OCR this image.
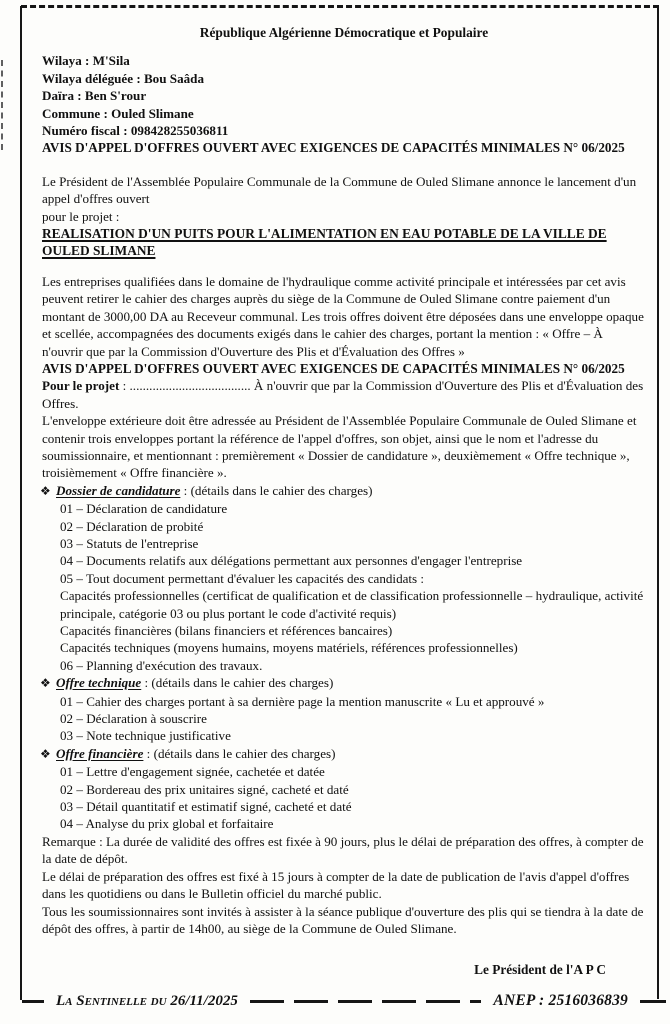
République Algérienne Démocratique et Populaire

Wilaya : M'Sila

Wilaya déléguée : Bou Saâda

Daïra : Ben S'rour

Commune : Ouled Slimane

Numéro fiscal : 098428255036811

AVIS D'APPEL D'OFFRES OUVERT AVEC EXIGENCES DE CAPACITÉS MINIMALES N° 06/2025

Le Président de l'Assemblée Populaire Communale de la Commune de Ouled Slimane annonce le lancement d'un appel d'offres ouvert

pour le projet :

REALISATION D'UN PUITS POUR L'ALIMENTATION EN EAU POTABLE DE LA VILLE DE OULED SLIMANE

Les entreprises qualifiées dans le domaine de l'hydraulique comme activité principale et intéressées par cet avis peuvent retirer le cahier des charges auprès du siège de la Commune de Ouled Slimane contre paiement d'un montant de 3000,00 DA au Receveur communal. Les trois offres doivent être déposées dans une enveloppe opaque et scellée, accompagnées des documents exigés dans le cahier des charges, portant la mention : « Offre – À n'ouvrir que par la Commission d'Ouverture des Plis et d'Évaluation des Offres »

AVIS D'APPEL D'OFFRES OUVERT AVEC EXIGENCES DE CAPACITÉS MINIMALES N° 06/2025

Pour le projet : ..................................... À n'ouvrir que par la Commission d'Ouverture des Plis et d'Évaluation des Offres.

L'enveloppe extérieure doit être adressée au Président de l'Assemblée Populaire Communale de Ouled Slimane et contenir trois enveloppes portant la référence de l'appel d'offres, son objet, ainsi que le nom et l'adresse du soumissionnaire, et mentionnant : premièrement « Dossier de candidature », deuxièmement « Offre technique », troisièmement « Offre financière ».

❖ Dossier de candidature : (détails dans le cahier des charges)

01 – Déclaration de candidature

02 – Déclaration de probité

03 – Statuts de l'entreprise

04 – Documents relatifs aux délégations permettant aux personnes d'engager l'entreprise

05 – Tout document permettant d'évaluer les capacités des candidats :

Capacités professionnelles (certificat de qualification et de classification professionnelle – hydraulique, activité principale, catégorie 03 ou plus portant le code d'activité requis)

Capacités financières (bilans financiers et références bancaires)

Capacités techniques (moyens humains, moyens matériels, références professionnelles)

06 – Planning d'exécution des travaux.

❖ Offre technique : (détails dans le cahier des charges)

01 – Cahier des charges portant à sa dernière page la mention manuscrite « Lu et approuvé »

02 – Déclaration à souscrire

03 – Note technique justificative

❖ Offre financière : (détails dans le cahier des charges)

01 – Lettre d'engagement signée, cachetée et datée

02 – Bordereau des prix unitaires signé, cacheté et daté

03 – Détail quantitatif et estimatif signé, cacheté et daté

04 – Analyse du prix global et forfaitaire

Remarque : La durée de validité des offres est fixée à 90 jours, plus le délai de préparation des offres, à compter de la date de dépôt.

Le délai de préparation des offres est fixé à 15 jours à compter de la date de publication de l'avis d'appel d'offres dans les quotidiens ou dans le Bulletin officiel du marché public.

Tous les soumissionnaires sont invités à assister à la séance publique d'ouverture des plis qui se tiendra à la date de dépôt des offres, à partir de 14h00, au siège de la Commune de Ouled Slimane.

Le Président de l'A P C
La Sentinelle du 26/11/2025	ANEP : 2516036839
